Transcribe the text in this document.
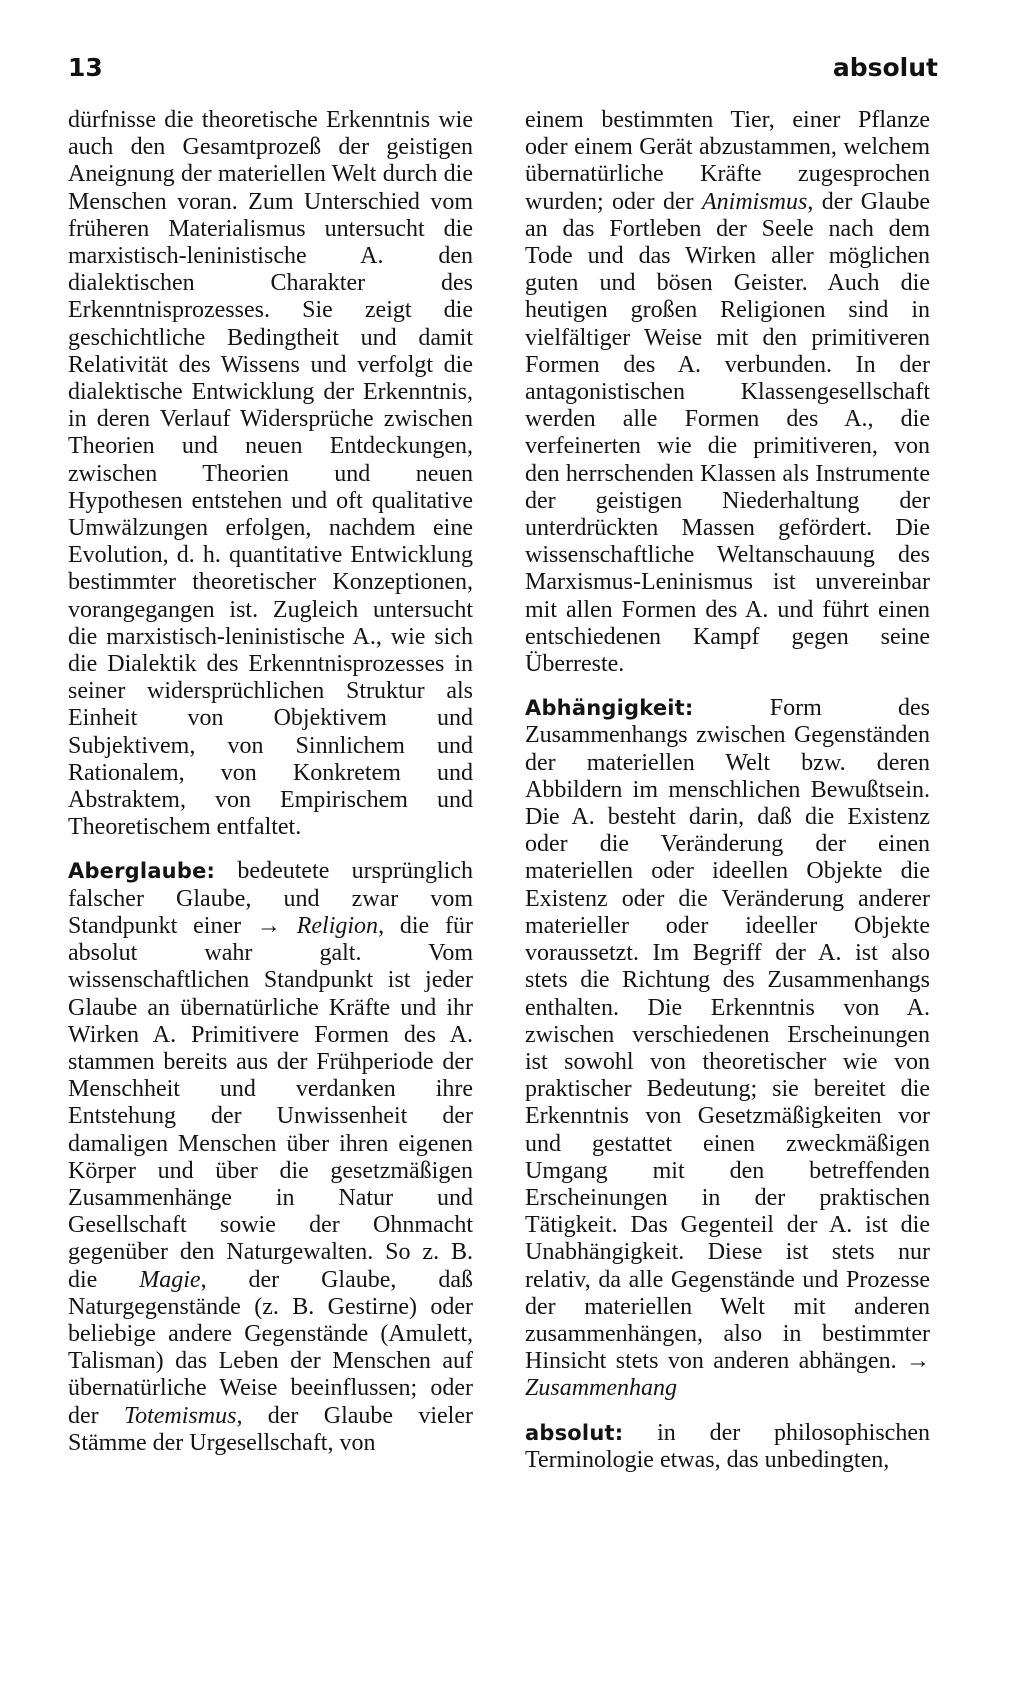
13	absolut

dürfnisse die theoretische Erkenntnis wie auch den Gesamtprozeß der geistigen Aneignung der materiellen Welt durch die Menschen voran. Zum Unterschied vom früheren Materialismus untersucht die marxistisch-leninistische A. den dialektischen Charakter des Erkenntnisprozesses. Sie zeigt die geschichtliche Bedingtheit und damit Relativität des Wissens und verfolgt die dialektische Entwicklung der Erkenntnis, in deren Verlauf Widersprüche zwischen Theorien und neuen Entdeckungen, zwischen Theorien und neuen Hypothesen entstehen und oft qualitative Umwälzungen erfolgen, nachdem eine Evolution, d. h. quantitative Entwicklung bestimmter theoretischer Konzeptionen, vorangegangen ist. Zugleich untersucht die marxistisch-leninistische A., wie sich die Dialektik des Erkenntnisprozesses in seiner widersprüchlichen Struktur als Einheit von Objektivem und Subjektivem, von Sinnlichem und Rationalem, von Konkretem und Abstraktem, von Empirischem und Theoretischem entfaltet.

Aberglaube: bedeutete ursprünglich falscher Glaube, und zwar vom Standpunkt einer → Religion, die für absolut wahr galt. Vom wissenschaftlichen Standpunkt ist jeder Glaube an übernatürliche Kräfte und ihr Wirken A. Primitivere Formen des A. stammen bereits aus der Frühperiode der Menschheit und verdanken ihre Entstehung der Unwissenheit der damaligen Menschen über ihren eigenen Körper und über die gesetzmäßigen Zusammenhänge in Natur und Gesellschaft sowie der Ohnmacht gegenüber den Naturgewalten. So z. B. die Magie, der Glaube, daß Naturgegenstände (z. B. Gestirne) oder beliebige andere Gegenstände (Amulett, Talisman) das Leben der Menschen auf übernatürliche Weise beeinflussen; oder der Totemismus, der Glaube vieler Stämme der Urgesellschaft, von

einem bestimmten Tier, einer Pflanze oder einem Gerät abzustammen, welchem übernatürliche Kräfte zugesprochen wurden; oder der Animismus, der Glaube an das Fortleben der Seele nach dem Tode und das Wirken aller möglichen guten und bösen Geister. Auch die heutigen großen Religionen sind in vielfältiger Weise mit den primitiveren Formen des A. verbunden. In der antagonistischen Klassengesellschaft werden alle Formen des A., die verfeinerten wie die primitiveren, von den herrschenden Klassen als Instrumente der geistigen Niederhaltung der unterdrückten Massen gefördert. Die wissenschaftliche Weltanschauung des Marxismus-Leninismus ist unvereinbar mit allen Formen des A. und führt einen entschiedenen Kampf gegen seine Überreste.

Abhängigkeit: Form des Zusammenhangs zwischen Gegenständen der materiellen Welt bzw. deren Abbildern im menschlichen Bewußtsein. Die A. besteht darin, daß die Existenz oder die Veränderung der einen materiellen oder ideellen Objekte die Existenz oder die Veränderung anderer materieller oder ideeller Objekte voraussetzt. Im Begriff der A. ist also stets die Richtung des Zusammenhangs enthalten. Die Erkenntnis von A. zwischen verschiedenen Erscheinungen ist sowohl von theoretischer wie von praktischer Bedeutung; sie bereitet die Erkenntnis von Gesetzmäßigkeiten vor und gestattet einen zweckmäßigen Umgang mit den betreffenden Erscheinungen in der praktischen Tätigkeit. Das Gegenteil der A. ist die Unabhängigkeit. Diese ist stets nur relativ, da alle Gegenstände und Prozesse der materiellen Welt mit anderen zusammenhängen, also in bestimmter Hinsicht stets von anderen abhängen. → Zusammenhang

absolut: in der philosophischen Terminologie etwas, das unbedingten,
